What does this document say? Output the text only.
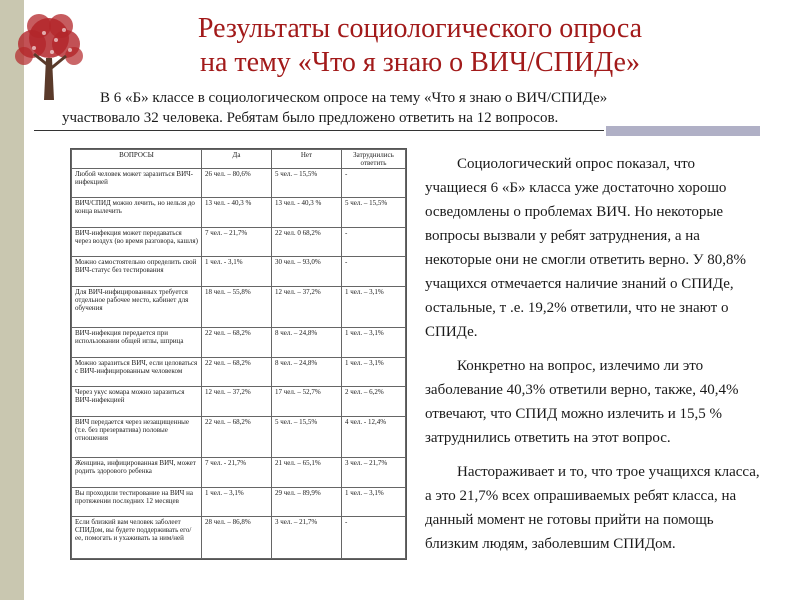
Результаты социологического опроса
на тему «Что я знаю о ВИЧ/СПИДе»
В 6 «Б» классе в социологическом опросе на тему «Что я знаю о ВИЧ/СПИДе»
участвовало 32 человека. Ребятам было предложено ответить на 12 вопросов.
ВОПРОСЫ	Да	Нет	Затруднились ответить
Любой человек может заразиться ВИЧ-инфекцией	26 чел. – 80,6%	5 чел. – 15,5%	-
ВИЧ/СПИД можно лечить, но нельзя до конца вылечить	13 чел. - 40,3 %	13 чел. - 40,3 %	5 чел. – 15,5%
ВИЧ-инфекция может передаваться через воздух (во время разговора, кашля)	7 чел. – 21,7%	22 чел. 0 68,2%	-
Можно самостоятельно определить свой ВИЧ-статус без тестирования	1 чел. - 3,1%	30 чел. – 93,0%	-
Для ВИЧ-инфицированных требуется отдельное рабочее место, кабинет для обучения	18 чел. – 55,8%	12 чел. – 37,2%	1 чел. – 3,1%
ВИЧ-инфекция передается при использовании общей иглы, шприца	22 чел. – 68,2%	8 чел. – 24,8%	1 чел. – 3,1%
Можно заразиться ВИЧ, если целоваться с ВИЧ-инфицированным человеком	22 чел. – 68,2%	8 чел. – 24,8%	1 чел. – 3,1%
Через укус комара можно заразиться ВИЧ-инфекцией	12 чел. – 37,2%	17 чел. – 52,7%	2 чел. – 6,2%
ВИЧ передается через незащищенные (т.е. без презерватива) половые отношения	22 чел. – 68,2%	5 чел. – 15,5%	4 чел. - 12,4%
Женщина, инфицированная ВИЧ, может родить здорового ребенка	7 чел. - 21,7%	21 чел. – 65,1%	3 чел. – 21,7%
Вы проходили тестирование на ВИЧ на протяжении последних 12 месяцев	1 чел. – 3,1%	29 чел. – 89,9%	1 чел. – 3,1%
Если близкий вам человек заболеет СПИДом, вы будете поддерживать его/ее, помогать и ухаживать за ним/ней	28 чел. – 86,8%	3 чел. – 21,7%	-

Социологический опрос показал, что учащиеся 6 «Б» класса уже достаточно хорошо осведомлены о проблемах ВИЧ. Но некоторые вопросы вызвали у ребят затруднения, а на некоторые они не смогли ответить верно. У 80,8% учащихся отмечается наличие знаний о СПИДе, остальные, т .е. 19,2% ответили, что не знают о СПИДе.

Конкретно на вопрос, излечимо ли это заболевание 40,3% ответили верно, также, 40,4% отвечают, что СПИД можно излечить и 15,5 % затруднились ответить на этот вопрос.

Настораживает и то, что трое учащихся класса, а это 21,7% всех опрашиваемых ребят класса, на данный момент не готовы прийти на помощь близким людям, заболевшим СПИДом.
